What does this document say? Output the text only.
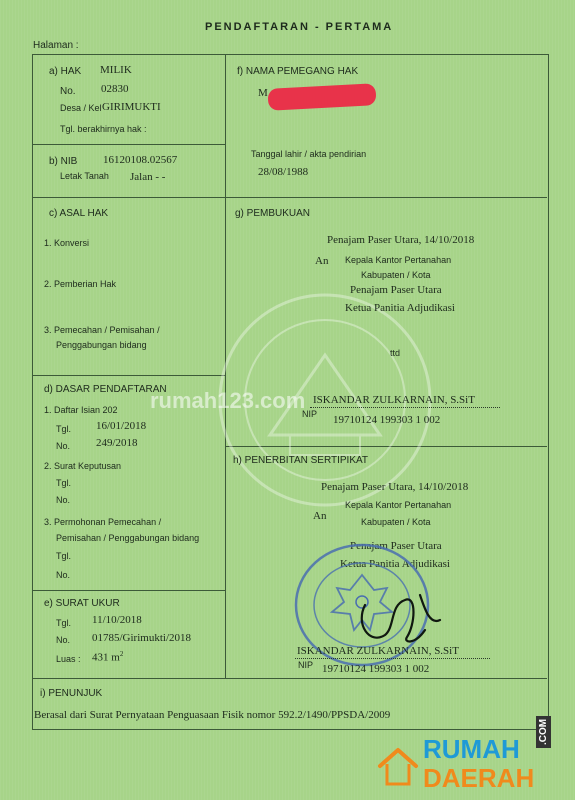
PENDAFTARAN - PERTAMA
Halaman :
rumah123.com
a) HAK MILIK
No. 02830
Desa / Kel GIRIMUKTI
Tgl. berakhirnya hak :
b) NIB 16120108.02567
Letak Tanah Jalan - -
c) ASAL HAK
1. Konversi
2. Pemberian Hak
3. Pemecahan / Pemisahan /
Penggabungan bidang
d) DASAR PENDAFTARAN
1. Daftar Isian 202
Tgl. 16/01/2018
No. 249/2018
2. Surat Keputusan
Tgl.
No.
3. Permohonan Pemecahan /
Pemisahan / Penggabungan bidang
Tgl.
No.
e) SURAT UKUR
Tgl. 11/10/2018
No. 01785/Girimukti/2018
Luas : 431 $m^2$
f) NAMA PEMEGANG HAK
M
Tanggal lahir / akta pendirian
28/08/1988
g) PEMBUKUAN
Penajam Paser Utara, 14/10/2018
An Kepala Kantor Pertanahan
Kabupaten / Kota
Penajam Paser Utara
Ketua Panitia Adjudikasi
ttd
ISKANDAR ZULKARNAIN, S.SiT
NIP 19710124 199303 1 002
h) PENERBITAN SERTIPIKAT
Penajam Paser Utara, 14/10/2018
An
Kepala Kantor Pertanahan
Kabupaten / Kota
Penajam Paser Utara
Ketua Panitia Adjudikasi
ISKANDAR ZULKARNAIN, S.SiT
NIP 19710124 199303 1 002
i) PENUNJUK
Berasal dari Surat Pernyataan Penguasaan Fisik nomor 592.2/1490/PPSDA/2009
RUMAH
DAERAH
.COM
